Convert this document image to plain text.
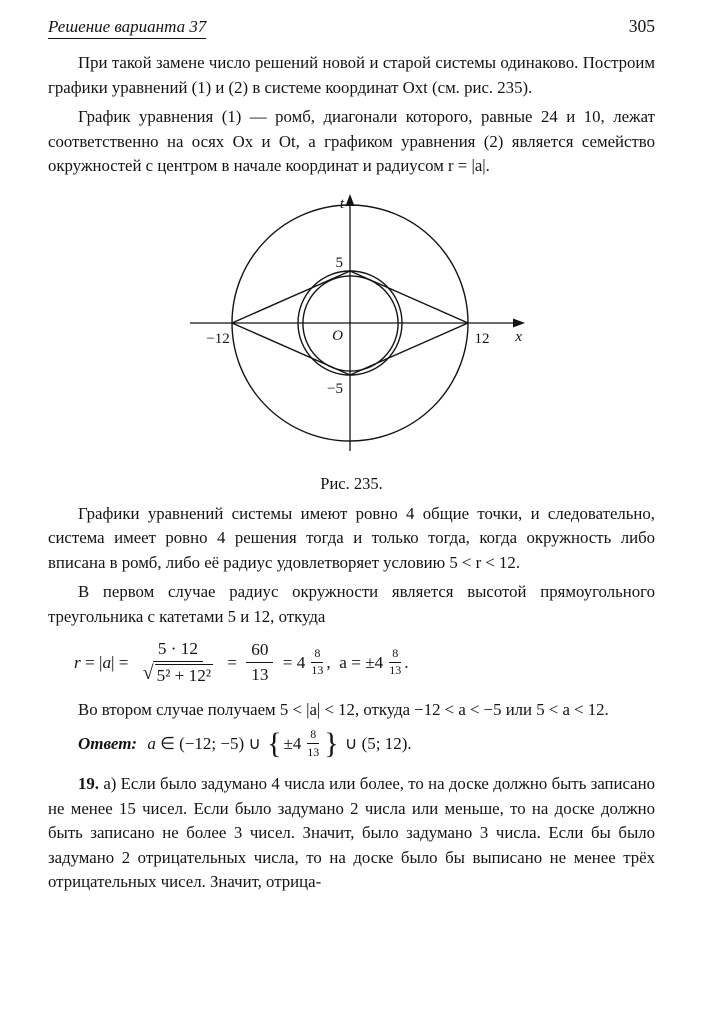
Решение варианта 37	305

При такой замене число решений новой и старой системы одинаково. Построим графики уравнений (1) и (2) в системе координат Oxt (см. рис. 235).

График уравнения (1) — ромб, диагонали которого, равные 24 и 10, лежат соответственно на осях Ox и Ot, а графиком уравнения (2) является семейство окружностей с центром в начале координат и радиусом r = |a|.

t
x
O
5
−5
−12	12
Рис. 235.

Графики уравнений системы имеют ровно 4 общие точки, и следовательно, система имеет ровно 4 решения тогда и только тогда, когда окружность либо вписана в ромб, либо её радиус удовлетворяет условию 5 < r < 12.

В первом случае радиус окружности является высотой прямоугольного треугольника с катетами 5 и 12, откуда

r = | a | = $\frac{5 \cdot 12}{\text{√ 5² + 12²}} = \frac{60}{13} = 4 \frac{8}{13}$ ,  $a = \pm 4 \frac{8}{13}$ .

Во втором случае получаем 5 < |a| < 12, откуда −12 < a < −5 или 5 < a < 12.

Ответ: a ∈ (−12; −5) ∪ { $\pm 4 \frac{8}{13}$ } ∪ (5; 12).

19. а) Если было задумано 4 числа или более, то на доске должно быть записано не менее 15 чисел. Если было задумано 2 числа или меньше, то на доске должно быть записано не более 3 чисел. Значит, было задумано 3 числа. Если бы было задумано 2 отрицательных числа, то на доске было бы выписано не менее трёх отрицательных чисел. Значит, отрица-
